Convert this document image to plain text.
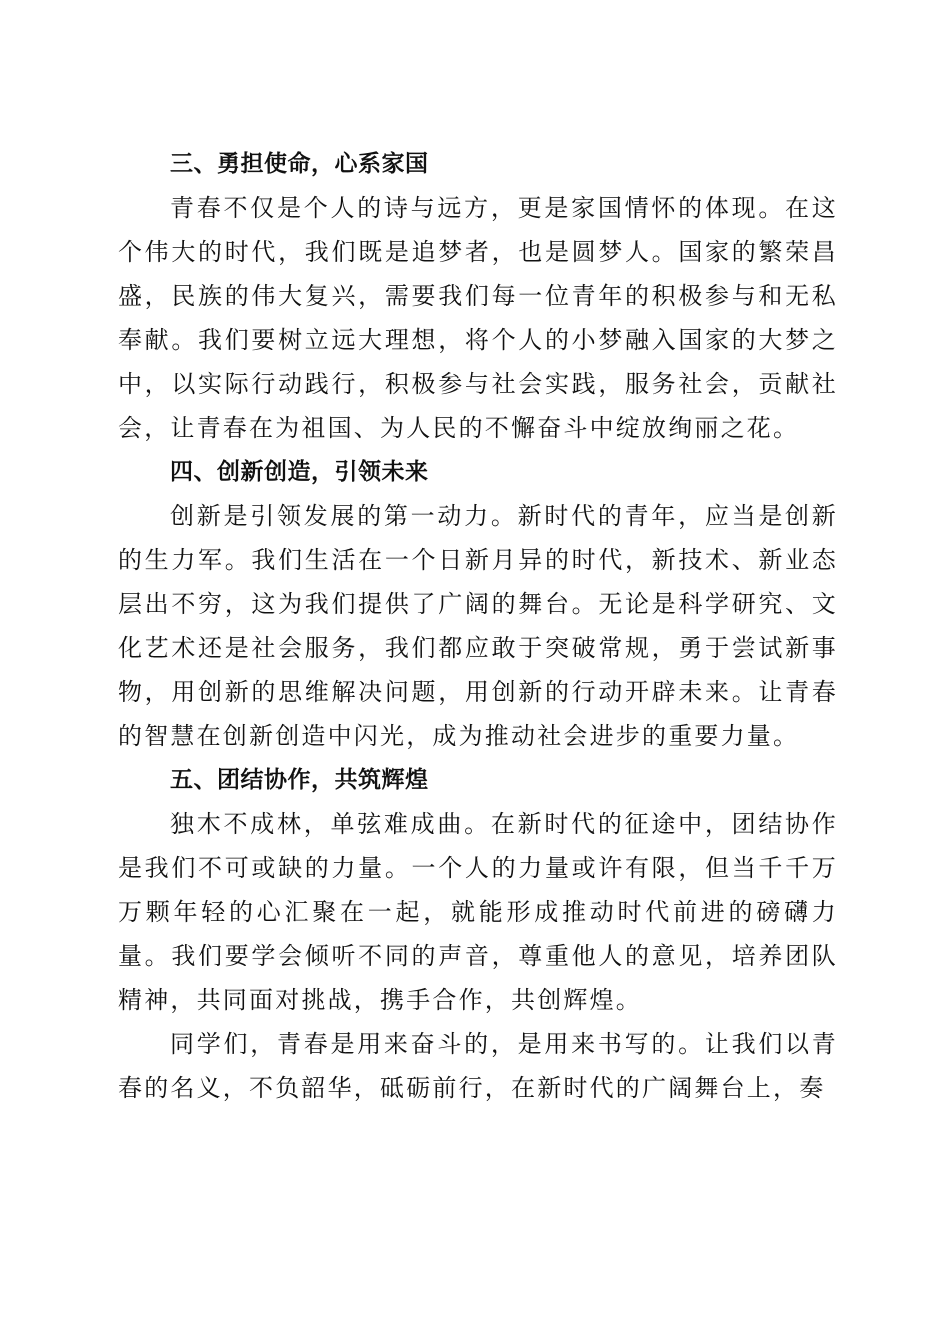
三、勇担使命，心系家国

青春不仅是个人的诗与远方，更是家国情怀的体现。在这个伟大的时代，我们既是追梦者，也是圆梦人。国家的繁荣昌盛，民族的伟大复兴，需要我们每一位青年的积极参与和无私奉献。我们要树立远大理想，将个人的小梦融入国家的大梦之中，以实际行动践行，积极参与社会实践，服务社会，贡献社会，让青春在为祖国、为人民的不懈奋斗中绽放绚丽之花。

四、创新创造，引领未来

创新是引领发展的第一动力。新时代的青年，应当是创新的生力军。我们生活在一个日新月异的时代，新技术、新业态层出不穷，这为我们提供了广阔的舞台。无论是科学研究、文化艺术还是社会服务，我们都应敢于突破常规，勇于尝试新事物，用创新的思维解决问题，用创新的行动开辟未来。让青春的智慧在创新创造中闪光，成为推动社会进步的重要力量。

五、团结协作，共筑辉煌

独木不成林，单弦难成曲。在新时代的征途中，团结协作是我们不可或缺的力量。一个人的力量或许有限，但当千千万万颗年轻的心汇聚在一起，就能形成推动时代前进的磅礴力量。我们要学会倾听不同的声音，尊重他人的意见，培养团队精神，共同面对挑战，携手合作，共创辉煌。

同学们，青春是用来奋斗的，是用来书写的。让我们以青春的名义，不负韶华，砥砺前行，在新时代的广阔舞台上，奏
